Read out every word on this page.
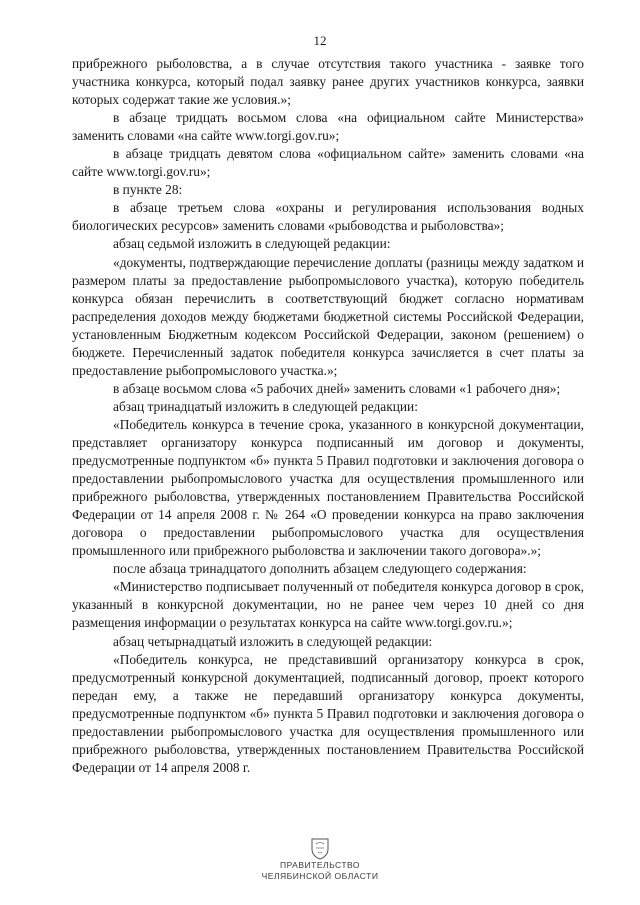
12

прибрежного рыболовства, а в случае отсутствия такого участника - заявке того участника конкурса, который подал заявку ранее других участников конкурса, заявки которых содержат такие же условия.»;

в абзаце тридцать восьмом слова «на официальном сайте Министерства» заменить словами «на сайте www.torgi.gov.ru»;

в абзаце тридцать девятом слова «официальном сайте» заменить словами «на сайте www.torgi.gov.ru»;

в пункте 28:

в абзаце третьем слова «охраны и регулирования использования водных биологических ресурсов» заменить словами «рыбоводства и рыболовства»;

абзац седьмой изложить в следующей редакции:

«документы, подтверждающие перечисление доплаты (разницы между задатком и размером платы за предоставление рыбопромыслового участка), которую победитель конкурса обязан перечислить в соответствующий бюджет согласно нормативам распределения доходов между бюджетами бюджетной системы Российской Федерации, установленным Бюджетным кодексом Российской Федерации, законом (решением) о бюджете. Перечисленный задаток победителя конкурса зачисляется в счет платы за предоставление рыбопромыслового участка.»;

в абзаце восьмом слова «5 рабочих дней» заменить словами «1 рабочего дня»;

абзац тринадцатый изложить в следующей редакции:

«Победитель конкурса в течение срока, указанного в конкурсной документации, представляет организатору конкурса подписанный им договор и документы, предусмотренные подпунктом «б» пункта 5 Правил подготовки и заключения договора о предоставлении рыбопромыслового участка для осуществления промышленного или прибрежного рыболовства, утвержденных постановлением Правительства Российской Федерации от 14 апреля 2008 г. № 264 «О проведении конкурса на право заключения договора о предоставлении рыбопромыслового участка для осуществления промышленного или прибрежного рыболовства и заключении такого договора».»;

после абзаца тринадцатого дополнить абзацем следующего содержания:

«Министерство подписывает полученный от победителя конкурса договор в срок, указанный в конкурсной документации, но не ранее чем через 10 дней со дня размещения информации о результатах конкурса на сайте www.torgi.gov.ru.»;

абзац четырнадцатый изложить в следующей редакции:

«Победитель конкурса, не представивший организатору конкурса в срок, предусмотренный конкурсной документацией, подписанный договор, проект которого передан ему, а также не передавший организатору конкурса документы, предусмотренные подпунктом «б» пункта 5 Правил подготовки и заключения договора о предоставлении рыбопромыслового участка для осуществления промышленного или прибрежного рыболовства, утвержденных постановлением Правительства Российской Федерации от 14 апреля 2008 г.

ПРАВИТЕЛЬСТВО
ЧЕЛЯБИНСКОЙ ОБЛАСТИ
